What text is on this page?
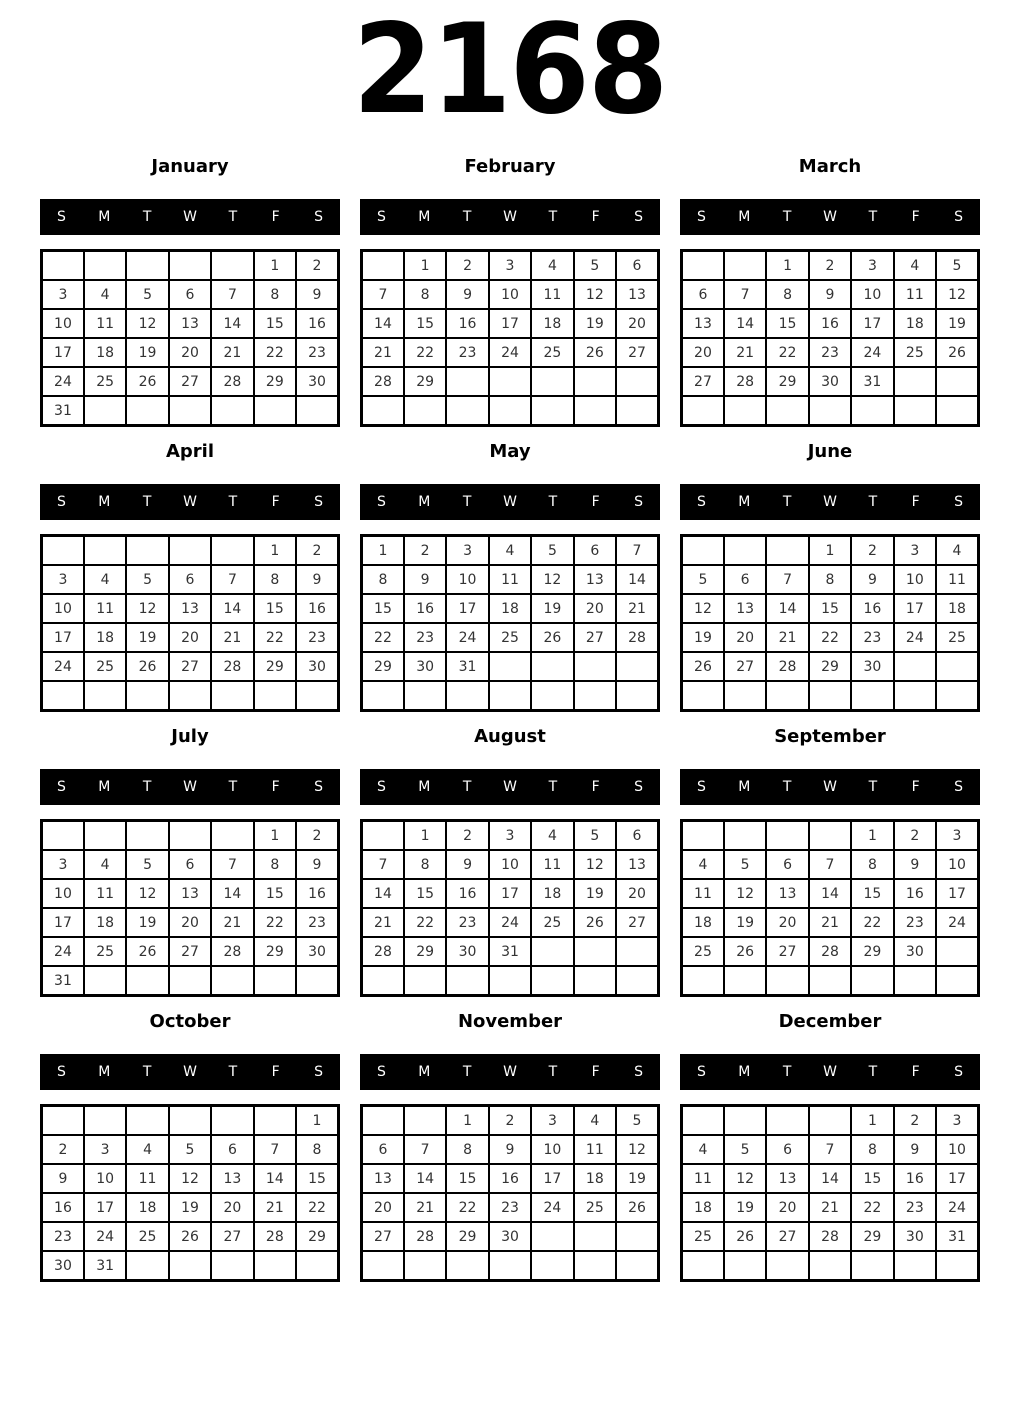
2168
January
S M T W T F S
					1	2
3	4	5	6	7	8	9
10	11	12	13	14	15	16
17	18	19	20	21	22	23
24	25	26	27	28	29	30
31						
February
S M T W T F S
	1	2	3	4	5	6
7	8	9	10	11	12	13
14	15	16	17	18	19	20
21	22	23	24	25	26	27
28	29					

March
S M T W T F S
		1	2	3	4	5
6	7	8	9	10	11	12
13	14	15	16	17	18	19
20	21	22	23	24	25	26
27	28	29	30	31		

April
S M T W T F S
					1	2
3	4	5	6	7	8	9
10	11	12	13	14	15	16
17	18	19	20	21	22	23
24	25	26	27	28	29	30

May
S M T W T F S
1	2	3	4	5	6	7
8	9	10	11	12	13	14
15	16	17	18	19	20	21
22	23	24	25	26	27	28
29	30	31				

June
S M T W T F S
			1	2	3	4
5	6	7	8	9	10	11
12	13	14	15	16	17	18
19	20	21	22	23	24	25
26	27	28	29	30		

July
S M T W T F S
					1	2
3	4	5	6	7	8	9
10	11	12	13	14	15	16
17	18	19	20	21	22	23
24	25	26	27	28	29	30
31						
August
S M T W T F S
	1	2	3	4	5	6
7	8	9	10	11	12	13
14	15	16	17	18	19	20
21	22	23	24	25	26	27
28	29	30	31			

September
S M T W T F S
				1	2	3
4	5	6	7	8	9	10
11	12	13	14	15	16	17
18	19	20	21	22	23	24
25	26	27	28	29	30	

October
S M T W T F S
						1
2	3	4	5	6	7	8
9	10	11	12	13	14	15
16	17	18	19	20	21	22
23	24	25	26	27	28	29
30	31					
November
S M T W T F S
		1	2	3	4	5
6	7	8	9	10	11	12
13	14	15	16	17	18	19
20	21	22	23	24	25	26
27	28	29	30			

December
S M T W T F S
				1	2	3
4	5	6	7	8	9	10
11	12	13	14	15	16	17
18	19	20	21	22	23	24
25	26	27	28	29	30	31
